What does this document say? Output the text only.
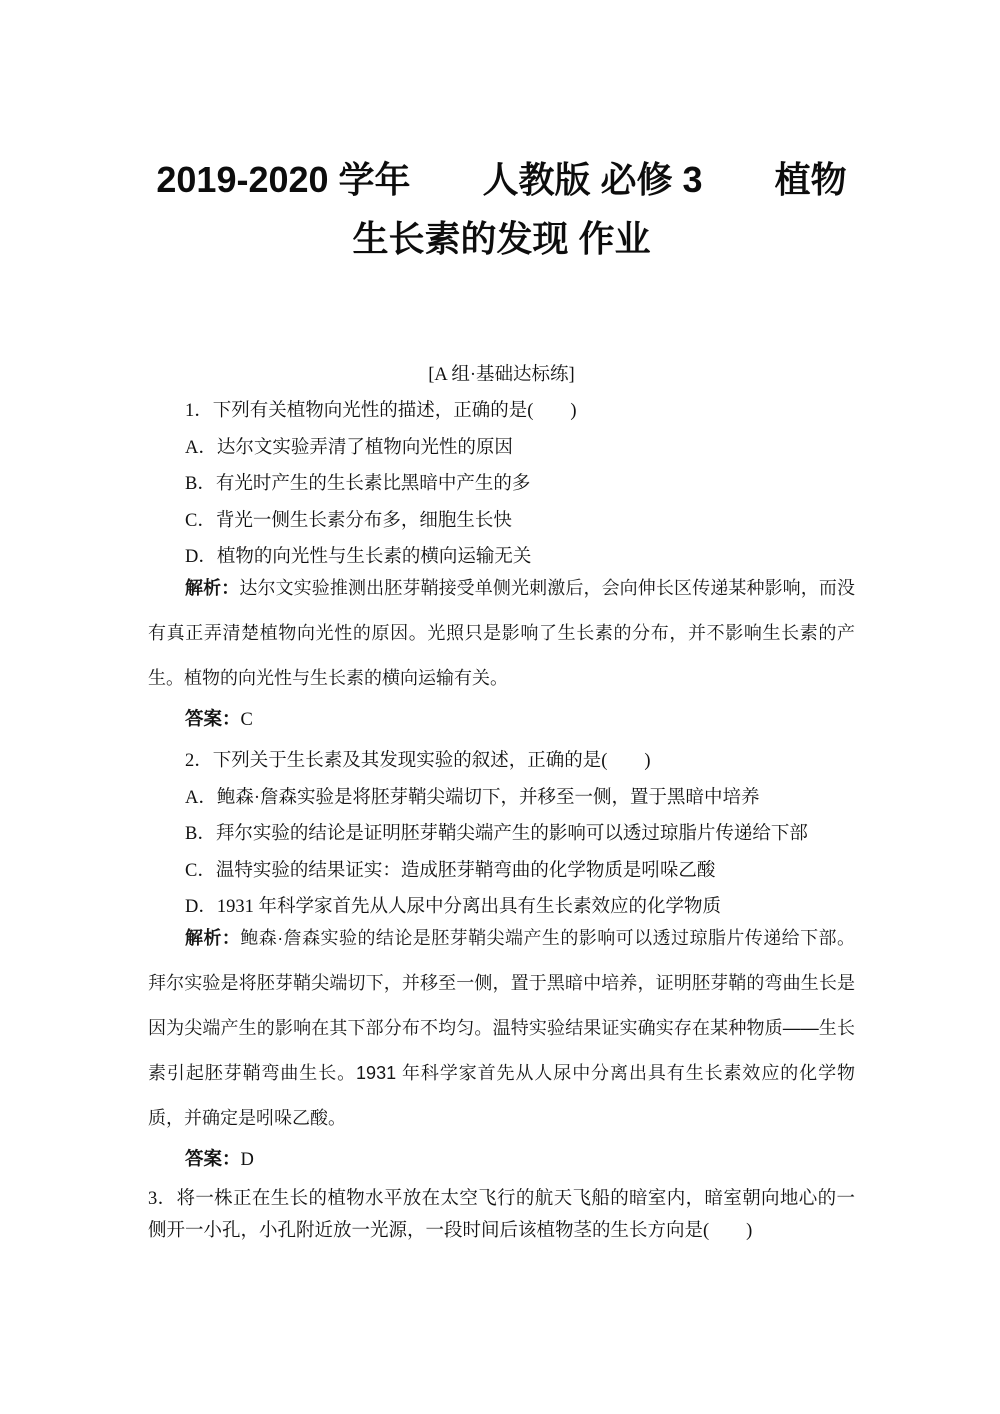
2019-2020 学年　　人教版 必修 3　　植物
生长素的发现 作业
[A 组·基础达标练]
1．下列有关植物向光性的描述，正确的是(　　)
A．达尔文实验弄清了植物向光性的原因
B．有光时产生的生长素比黑暗中产生的多
C．背光一侧生长素分布多，细胞生长快
D．植物的向光性与生长素的横向运输无关

解析：达尔文实验推测出胚芽鞘接受单侧光刺激后，会向伸长区传递某种影响，而没有真正弄清楚植物向光性的原因。光照只是影响了生长素的分布，并不影响生长素的产生。植物的向光性与生长素的横向运输有关。

答案：C
2．下列关于生长素及其发现实验的叙述，正确的是(　　)
A．鲍森·詹森实验是将胚芽鞘尖端切下，并移至一侧，置于黑暗中培养
B．拜尔实验的结论是证明胚芽鞘尖端产生的影响可以透过琼脂片传递给下部
C．温特实验的结果证实：造成胚芽鞘弯曲的化学物质是吲哚乙酸
D．1931 年科学家首先从人尿中分离出具有生长素效应的化学物质

解析：鲍森·詹森实验的结论是胚芽鞘尖端产生的影响可以透过琼脂片传递给下部。拜尔实验是将胚芽鞘尖端切下，并移至一侧，置于黑暗中培养，证明胚芽鞘的弯曲生长是因为尖端产生的影响在其下部分布不均匀。温特实验结果证实确实存在某种物质——生长素引起胚芽鞘弯曲生长。1931 年科学家首先从人尿中分离出具有生长素效应的化学物质，并确定是吲哚乙酸。

答案：D

3．将一株正在生长的植物水平放在太空飞行的航天飞船的暗室内，暗室朝向地心的一侧开一小孔，小孔附近放一光源，一段时间后该植物茎的生长方向是(　　)
